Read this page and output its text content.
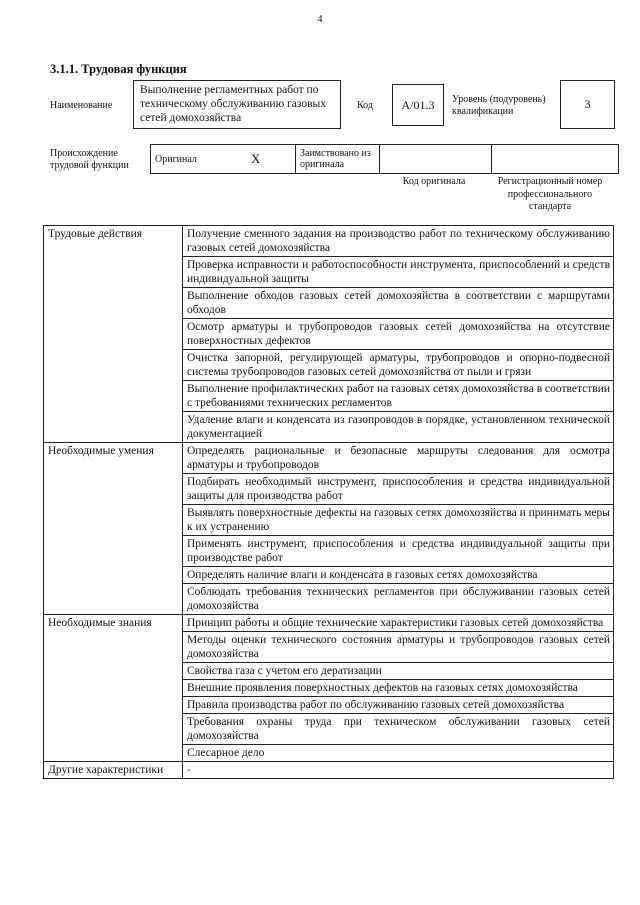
4
3.1.1. Трудовая функция
Наименование
Выполнение регламентных работ по техническому обслуживанию газовых сетей домохозяйства
Код	А/01.3	Уровень (подуровень) квалификации
3
Происхождение трудовой функции
Оригинал	Х	Заимствовано из оригинала		
Код оригинала	Регистрационный номер профессионального стандарта
Трудовые действия	Получение сменного задания на производство работ по техническому обслуживанию газовых сетей домохозяйства
	Проверка исправности и работоспособности инструмента, приспособлений и средств индивидуальной защиты
	Выполнение обходов газовых сетей домохозяйства в соответствии с маршрутами обходов
	Осмотр арматуры и трубопроводов газовых сетей домохозяйства на отсутствие поверхностных дефектов
	Очистка запорной, регулирующей арматуры, трубопроводов и опорно-подвесной системы трубопроводов газовых сетей домохозяйства от пыли и грязи
	Выполнение профилактических работ на газовых сетях домохозяйства в соответствии с требованиями технических регламентов
	Удаление влаги и конденсата из газопроводов в порядке, установленном технической документацией
Необходимые умения	Определять рациональные и безопасные маршруты следования для осмотра арматуры и трубопроводов
	Подбирать необходимый инструмент, приспособления и средства индивидуальной защиты для производства работ
	Выявлять поверхностные дефекты на газовых сетях домохозяйства и принимать меры к их устранению
	Применять инструмент, приспособления и средства индивидуальной защиты при производстве работ
	Определять наличие влаги и конденсата в газовых сетях домохозяйства
	Соблюдать требования технических регламентов при обслуживании газовых сетей домохозяйства
Необходимые знания	Принцип работы и общие технические характеристики газовых сетей домохозяйства
	Методы оценки технического состояния арматуры и трубопроводов газовых сетей домохозяйства
	Свойства газа с учетом его дератизации
	Внешние проявления поверхностных дефектов на газовых сетях домохозяйства
	Правила производства работ по обслуживанию газовых сетей домохозяйства
	Требования охраны труда при техническом обслуживании газовых сетей домохозяйства
	Слесарное дело
Другие характеристики	-
